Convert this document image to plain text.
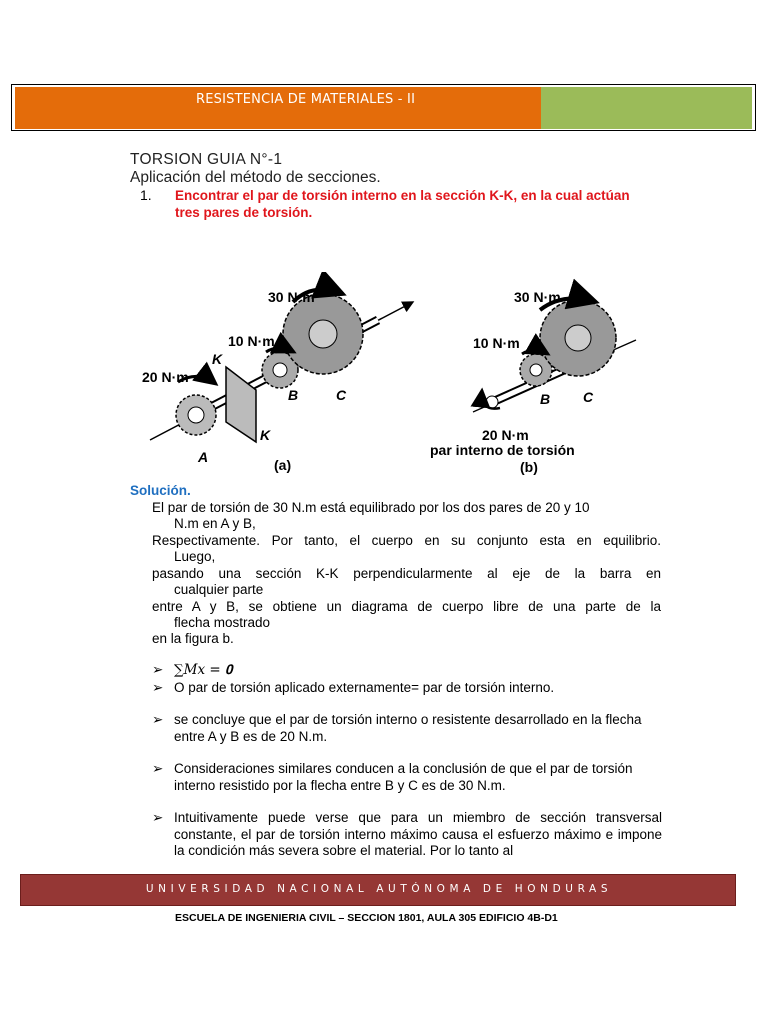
RESISTENCIA DE MATERIALES - II
TORSION GUIA N°-1
Aplicación del método de secciones.
1. Encontrar el par de torsión interno en la sección K-K, en la cual actúan tres pares de torsión.
30 N·m
10 N·m
20 N·m
K
K
A
B	C
(a)
30 N·m
10 N·m
B C
20 N·m
par interno de torsión
(b)
Solución.
El par de torsión de 30 N.m está equilibrado por los dos pares de 20 y 10
N.m en A y B,
Respectivamente. Por tanto, el cuerpo en su conjunto esta en equilibrio.
Luego,
pasando una sección K-K perpendicularmente al eje de la barra en
cualquier parte
entre A y B, se obtiene un diagrama de cuerpo libre de una parte de la
flecha mostrado
en la figura b.
➢ ∑𝑀𝑥 = 𝟎
➢ O par de torsión aplicado externamente= par de torsión interno.
➢ se concluye que el par de torsión interno o resistente desarrollado en la flecha entre A y B es de 20 N.m.
➢ Consideraciones similares conducen a la conclusión de que el par de torsión interno resistido por la flecha entre B y C es de 30 N.m.
➢ Intuitivamente puede verse que para un miembro de sección transversal constante, el par de torsión interno máximo causa el esfuerzo máximo e impone la condición más severa sobre el material. Por lo tanto al
UNIVERSIDAD NACIONAL AUTÓNOMA DE HONDURAS
ESCUELA DE INGENIERIA CIVIL – SECCION 1801, AULA 305 EDIFICIO 4B-D1
